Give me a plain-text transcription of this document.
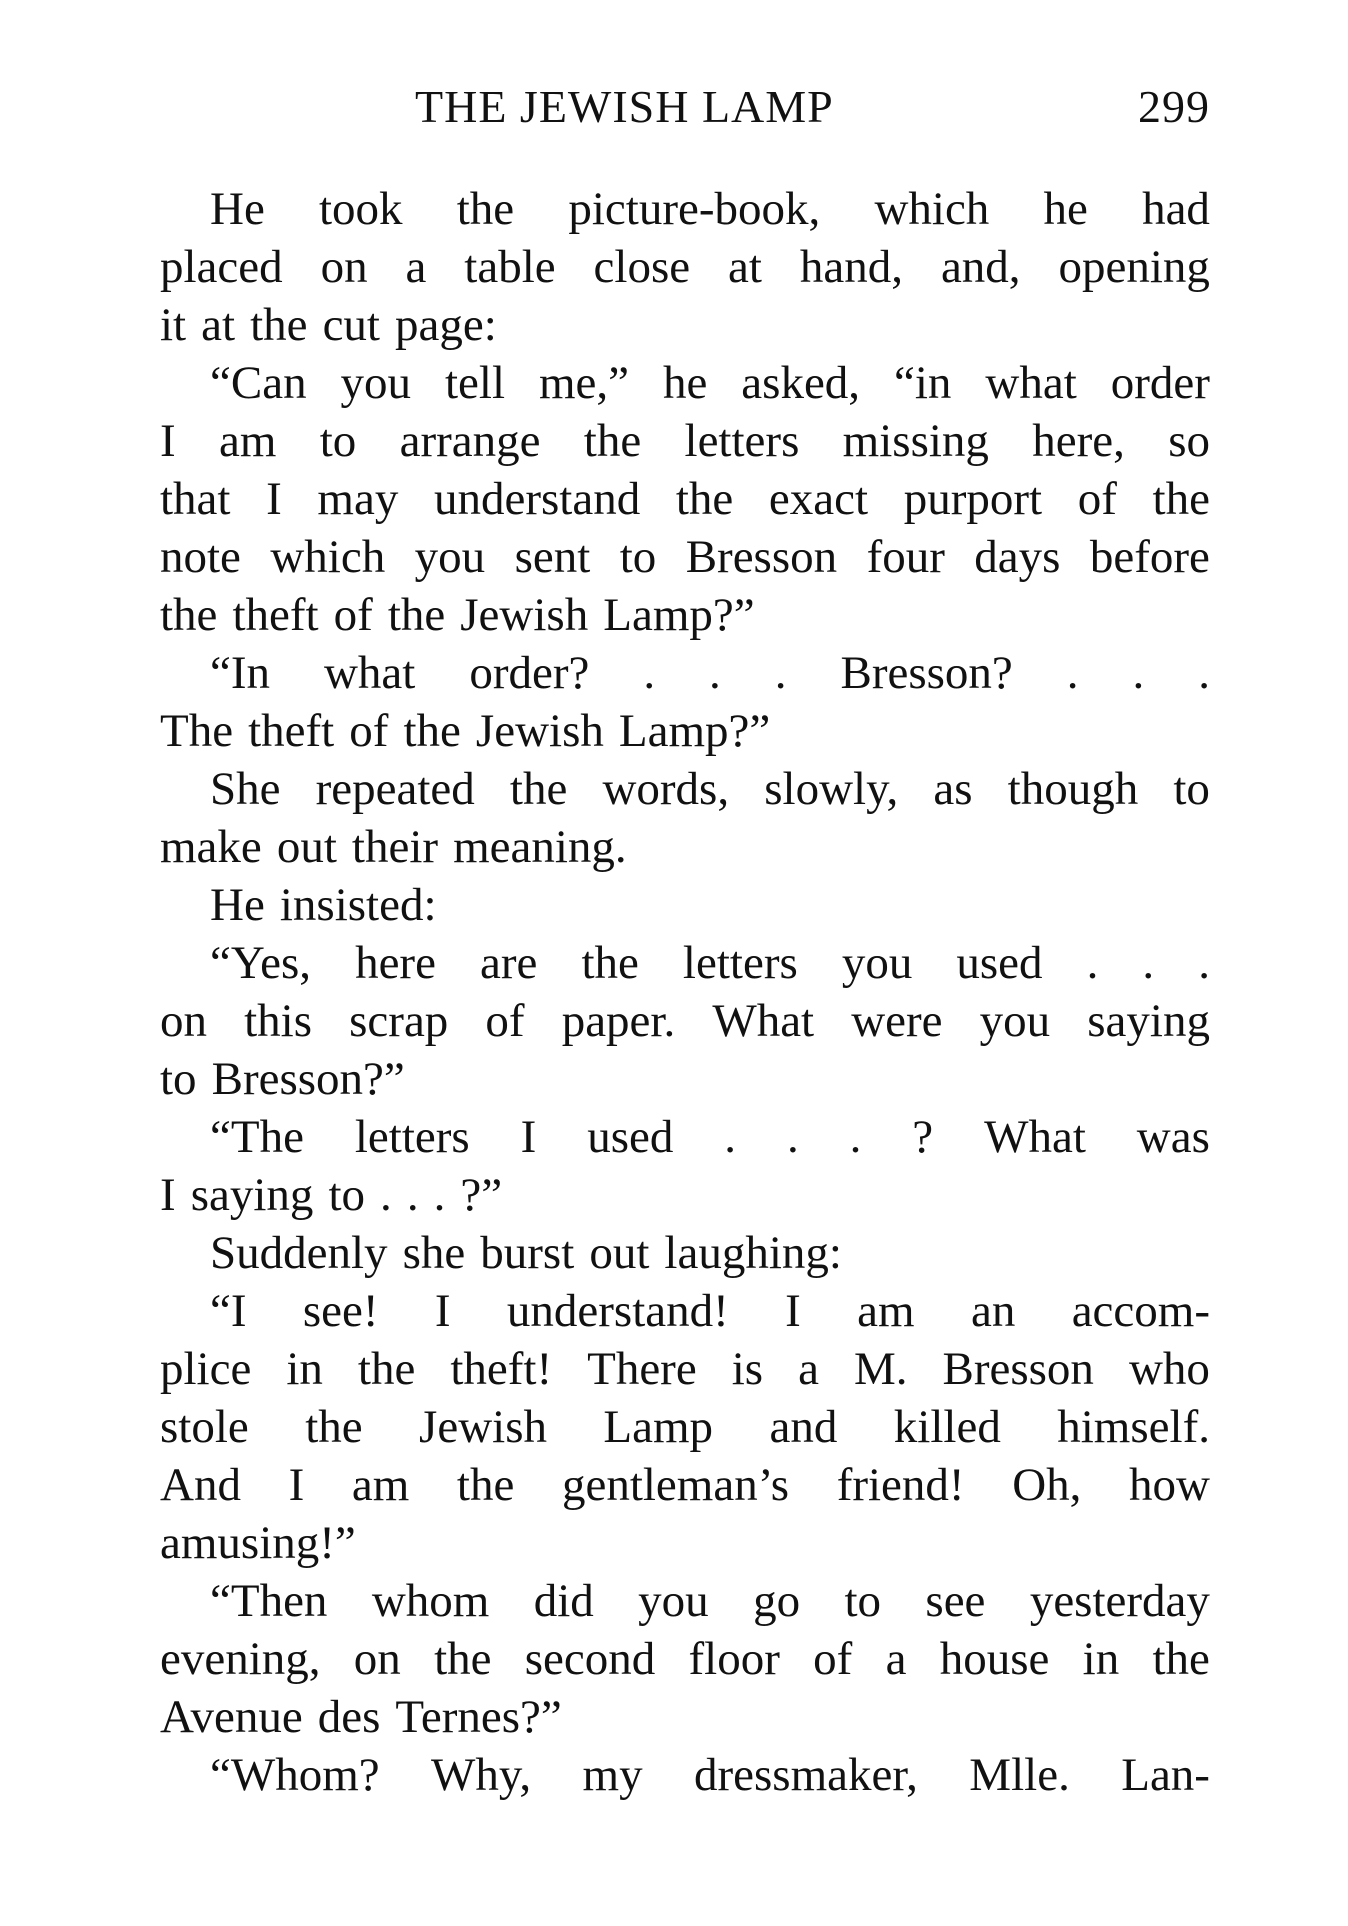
THE JEWISH LAMP	299
He took the picture-book, which he had
placed on a table close at hand, and, opening
it at the cut page:
“Can you tell me,” he asked, “in what order
I am to arrange the letters missing here, so
that I may understand the exact purport of the
note which you sent to Bresson four days before
the theft of the Jewish Lamp?”
“In what order? . . . Bresson? . . .
The theft of the Jewish Lamp?”
She repeated the words, slowly, as though to
make out their meaning.
He insisted:
“Yes, here are the letters you used . . .
on this scrap of paper. What were you saying
to Bresson?”
“The letters I used . . . ? What was
I saying to . . . ?”
Suddenly she burst out laughing:
“I see! I understand! I am an accom-
plice in the theft! There is a M. Bresson who
stole the Jewish Lamp and killed himself.
And I am the gentleman’s friend! Oh, how
amusing!”
“Then whom did you go to see yesterday
evening, on the second floor of a house in the
Avenue des Ternes?”
“Whom? Why, my dressmaker, Mlle. Lan-
